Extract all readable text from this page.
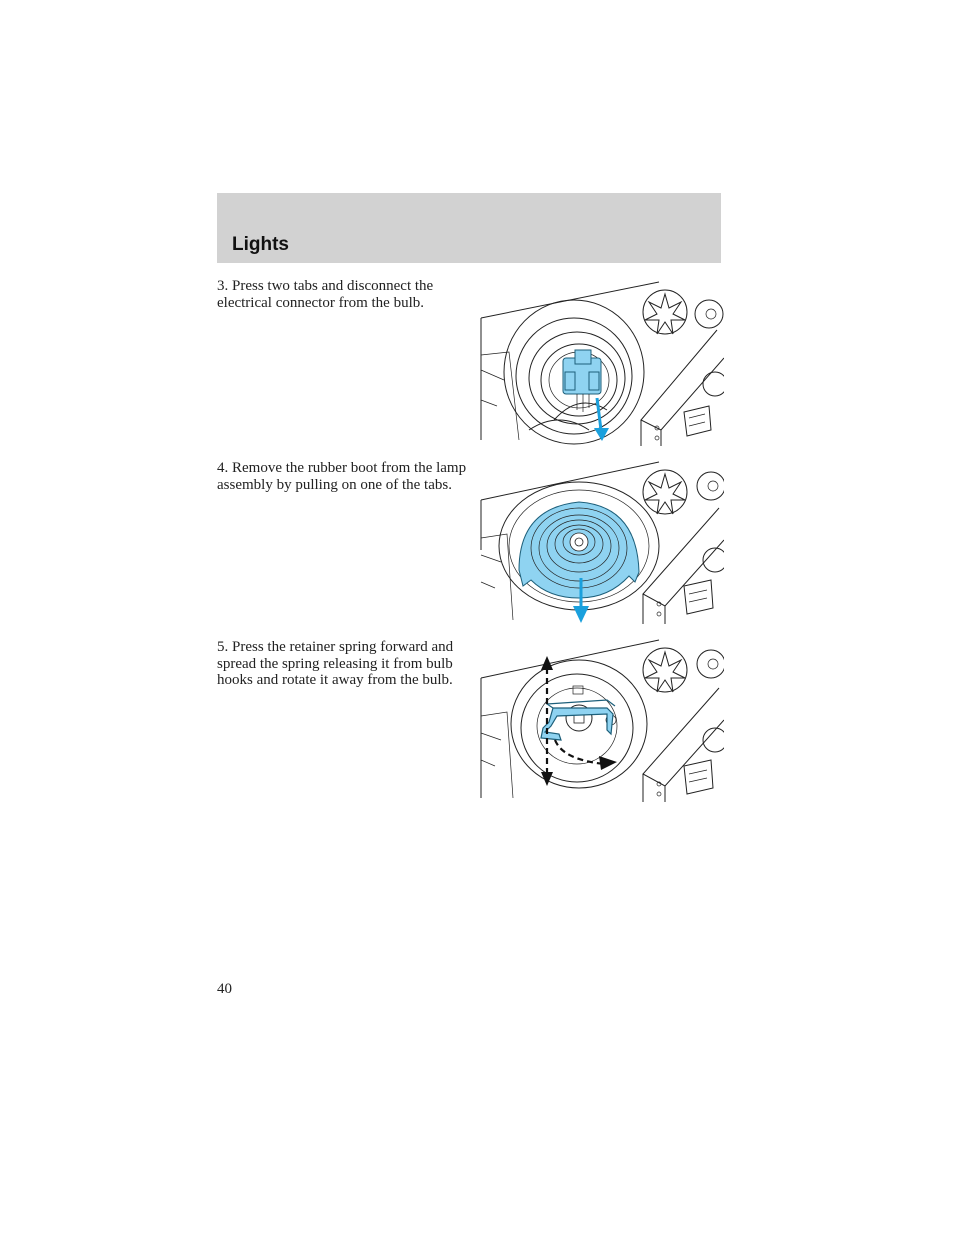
Lights
3. Press two tabs and disconnect the electrical connector from the bulb.
4. Remove the rubber boot from the lamp assembly by pulling on one of the tabs.
5. Press the retainer spring forward and spread the spring releasing it from bulb hooks and rotate it away from the bulb.
40
